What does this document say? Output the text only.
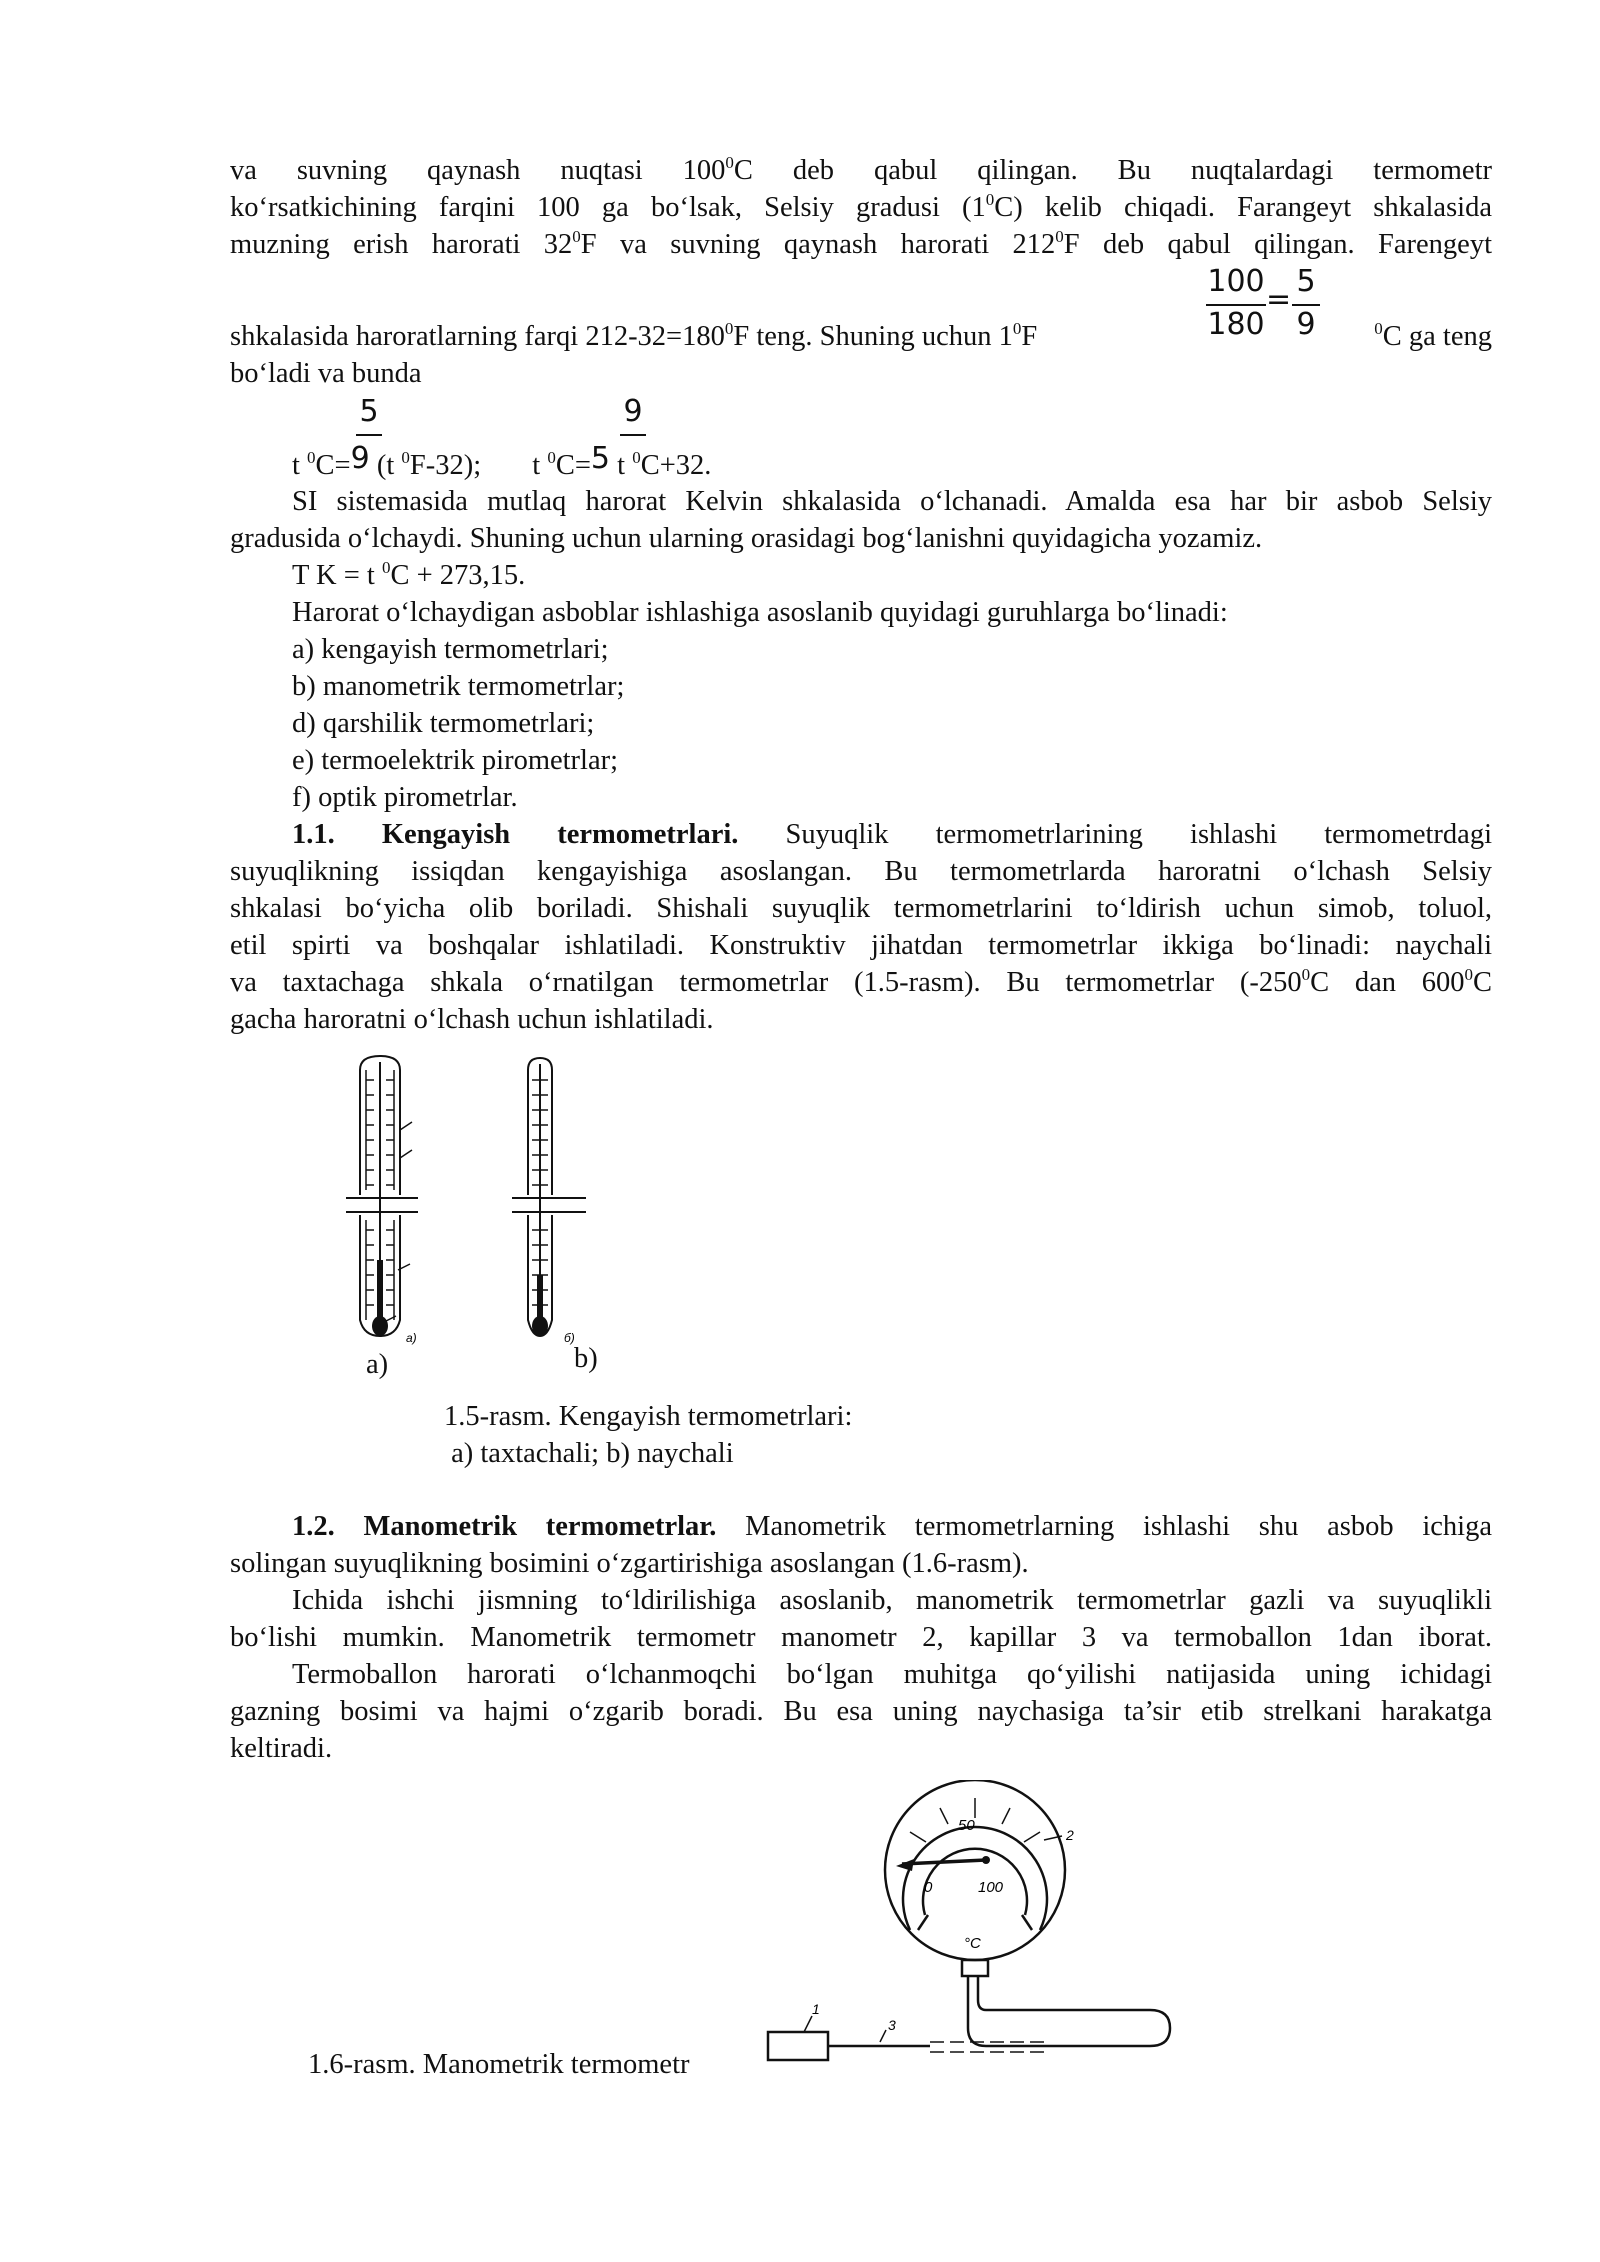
va suvning qaynash nuqtasi $100^0C$ deb qabul qilingan. Bu nuqtalardagi termometr
ko‘rsatkichining farqini 100 ga bo‘lsak, Selsiy gradusi $(1^0C)$ kelib chiqadi. Farangeyt shkalasida
muzning erish harorati $32^0F$ va suvning qaynash harorati $212^0F$ deb qabul qilingan. Farengeyt
100
180
=
5
9
shkalasida haroratlarning farqi $212-32=180^0F$ teng. Shuning uchun $1^0F$	$^0$C ga teng
bo‘ladi va bunda
5	9
t $^0$C=9 (t $^0$F-32); t $^0$C=5 t $^0$C+32.
SI sistemasida mutlaq harorat Kelvin shkalasida o‘lchanadi. Amalda esa har bir asbob Selsiy
gradusida o‘lchaydi. Shuning uchun ularning orasidagi bog‘lanishni quyidagicha yozamiz.
T K = t $^0$C + 273,15.
Harorat o‘lchaydigan asboblar ishlashiga asoslanib quyidagi guruhlarga bo‘linadi:
a) kengayish termometrlari;
b) manometrik termometrlar;
d) qarshilik termometrlari;
e) termoelektrik pirometrlar;
f) optik pirometrlar.
1.1. Kengayish termometrlari. Suyuqlik termometrlarining ishlashi termometrdagi
suyuqlikning issiqdan kengayishiga asoslangan. Bu termometrlarda haroratni o‘lchash Selsiy
shkalasi bo‘yicha olib boriladi. Shishali suyuqlik termometrlarini to‘ldirish uchun simob, toluol,
etil spirti va boshqalar ishlatiladi. Konstruktiv jihatdan termometrlar ikkiga bo‘linadi: naychali
va taxtachaga shkala o‘rnatilgan termometrlar (1.5-rasm). Bu termometrlar ($-250^0C$ dan $600^0C$
gacha haroratni o‘lchash uchun ishlatiladi.
а)	б)
a)	b)
1.5-rasm. Kengayish termometrlari:
a) taxtachali; b) naychali
1.2. Manometrik termometrlar. Manometrik termometrlarning ishlashi shu asbob ichiga
solingan suyuqlikning bosimini o‘zgartirishiga asoslangan (1.6-rasm).
Ichida ishchi jismning to‘ldirilishiga asoslanib, manometrik termometrlar gazli va suyuqlikli
bo‘lishi mumkin. Manometrik termometr manometr 2, kapillar 3 va termoballon 1dan iborat.
Termoballon harorati o‘lchanmoqchi bo‘lgan muhitga qo‘yilishi natijasida uning ichidagi
gazning bosimi va hajmi o‘zgarib boradi. Bu esa uning naychasiga ta’sir etib strelkani harakatga
keltiradi.
50
0	100
°C
1
2
3
1.6-rasm. Manometrik termometr
